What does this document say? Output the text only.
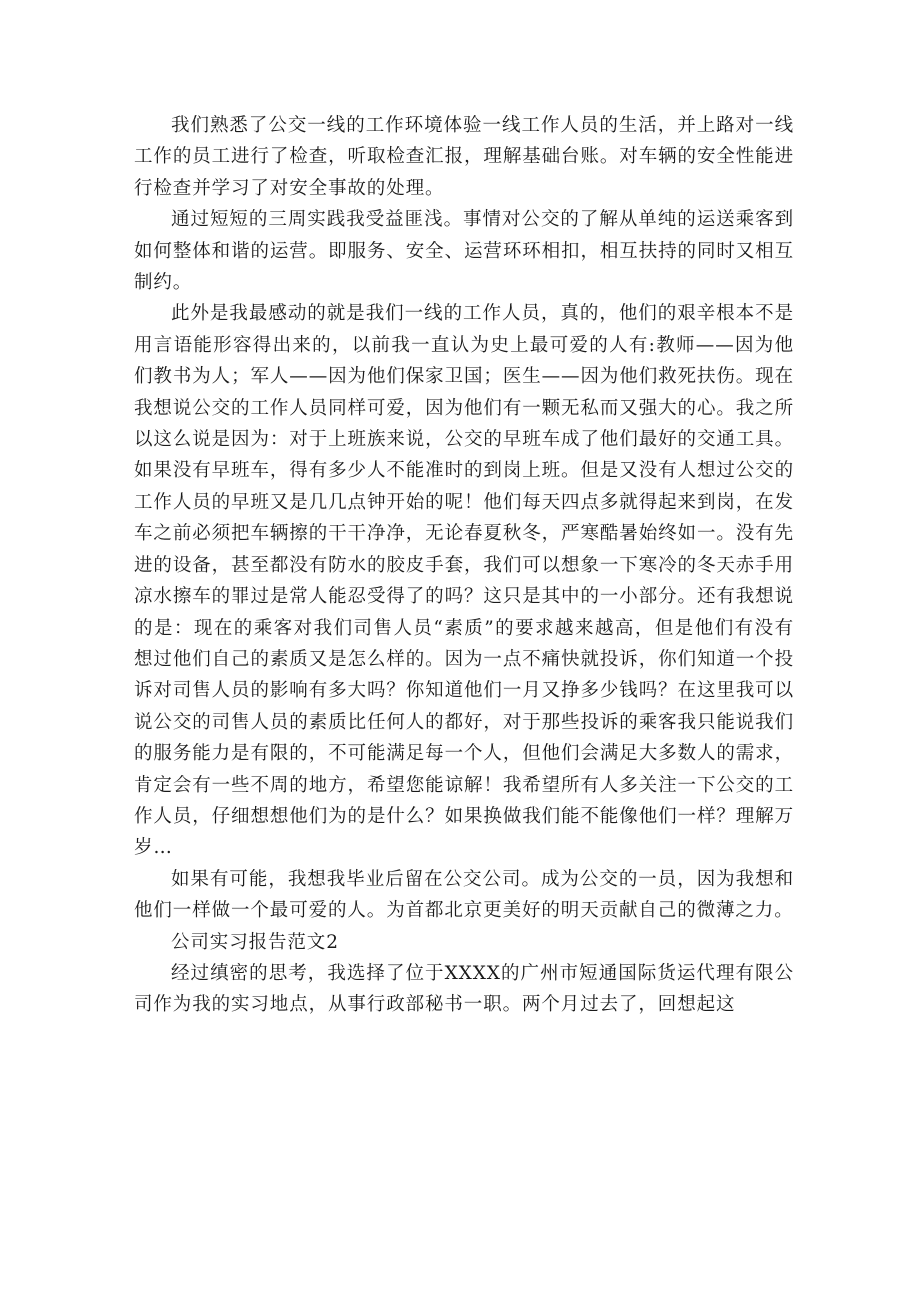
我们熟悉了公交一线的工作环境体验一线工作人员的生活，并上路对一线工作的员工进行了检查，听取检查汇报，理解基础台账。对车辆的安全性能进行检查并学习了对安全事故的处理。

通过短短的三周实践我受益匪浅。事情对公交的了解从单纯的运送乘客到如何整体和谐的运营。即服务、安全、运营环环相扣，相互扶持的同时又相互制约。

此外是我最感动的就是我们一线的工作人员，真的，他们的艰辛根本不是用言语能形容得出来的，以前我一直认为史上最可爱的人有:教师——因为他们教书为人；军人——因为他们保家卫国；医生——因为他们救死扶伤。现在我想说公交的工作人员同样可爱，因为他们有一颗无私而又强大的心。我之所以这么说是因为：对于上班族来说，公交的早班车成了他们最好的交通工具。如果没有早班车，得有多少人不能准时的到岗上班。但是又没有人想过公交的工作人员的早班又是几几点钟开始的呢！他们每天四点多就得起来到岗，在发车之前必须把车辆擦的干干净净，无论春夏秋冬，严寒酷暑始终如一。没有先进的设备，甚至都没有防水的胶皮手套，我们可以想象一下寒冷的冬天赤手用凉水擦车的罪过是常人能忍受得了的吗？这只是其中的一小部分。还有我想说的是：现在的乘客对我们司售人员“素质”的要求越来越高，但是他们有没有想过他们自己的素质又是怎么样的。因为一点不痛快就投诉，你们知道一个投诉对司售人员的影响有多大吗？你知道他们一月又挣多少钱吗？在这里我可以说公交的司售人员的素质比任何人的都好，对于那些投诉的乘客我只能说我们的服务能力是有限的，不可能满足每一个人，但他们会满足大多数人的需求，肯定会有一些不周的地方，希望您能谅解！我希望所有人多关注一下公交的工作人员，仔细想想他们为的是什么？如果换做我们能不能像他们一样？理解万岁…

如果有可能，我想我毕业后留在公交公司。成为公交的一员，因为我想和他们一样做一个最可爱的人。为首都北京更美好的明天贡献自己的微薄之力。

公司实习报告范文2

经过缜密的思考，我选择了位于XXXX的广州市短通国际货运代理有限公司作为我的实习地点，从事行政部秘书一职。两个月过去了，回想起这
